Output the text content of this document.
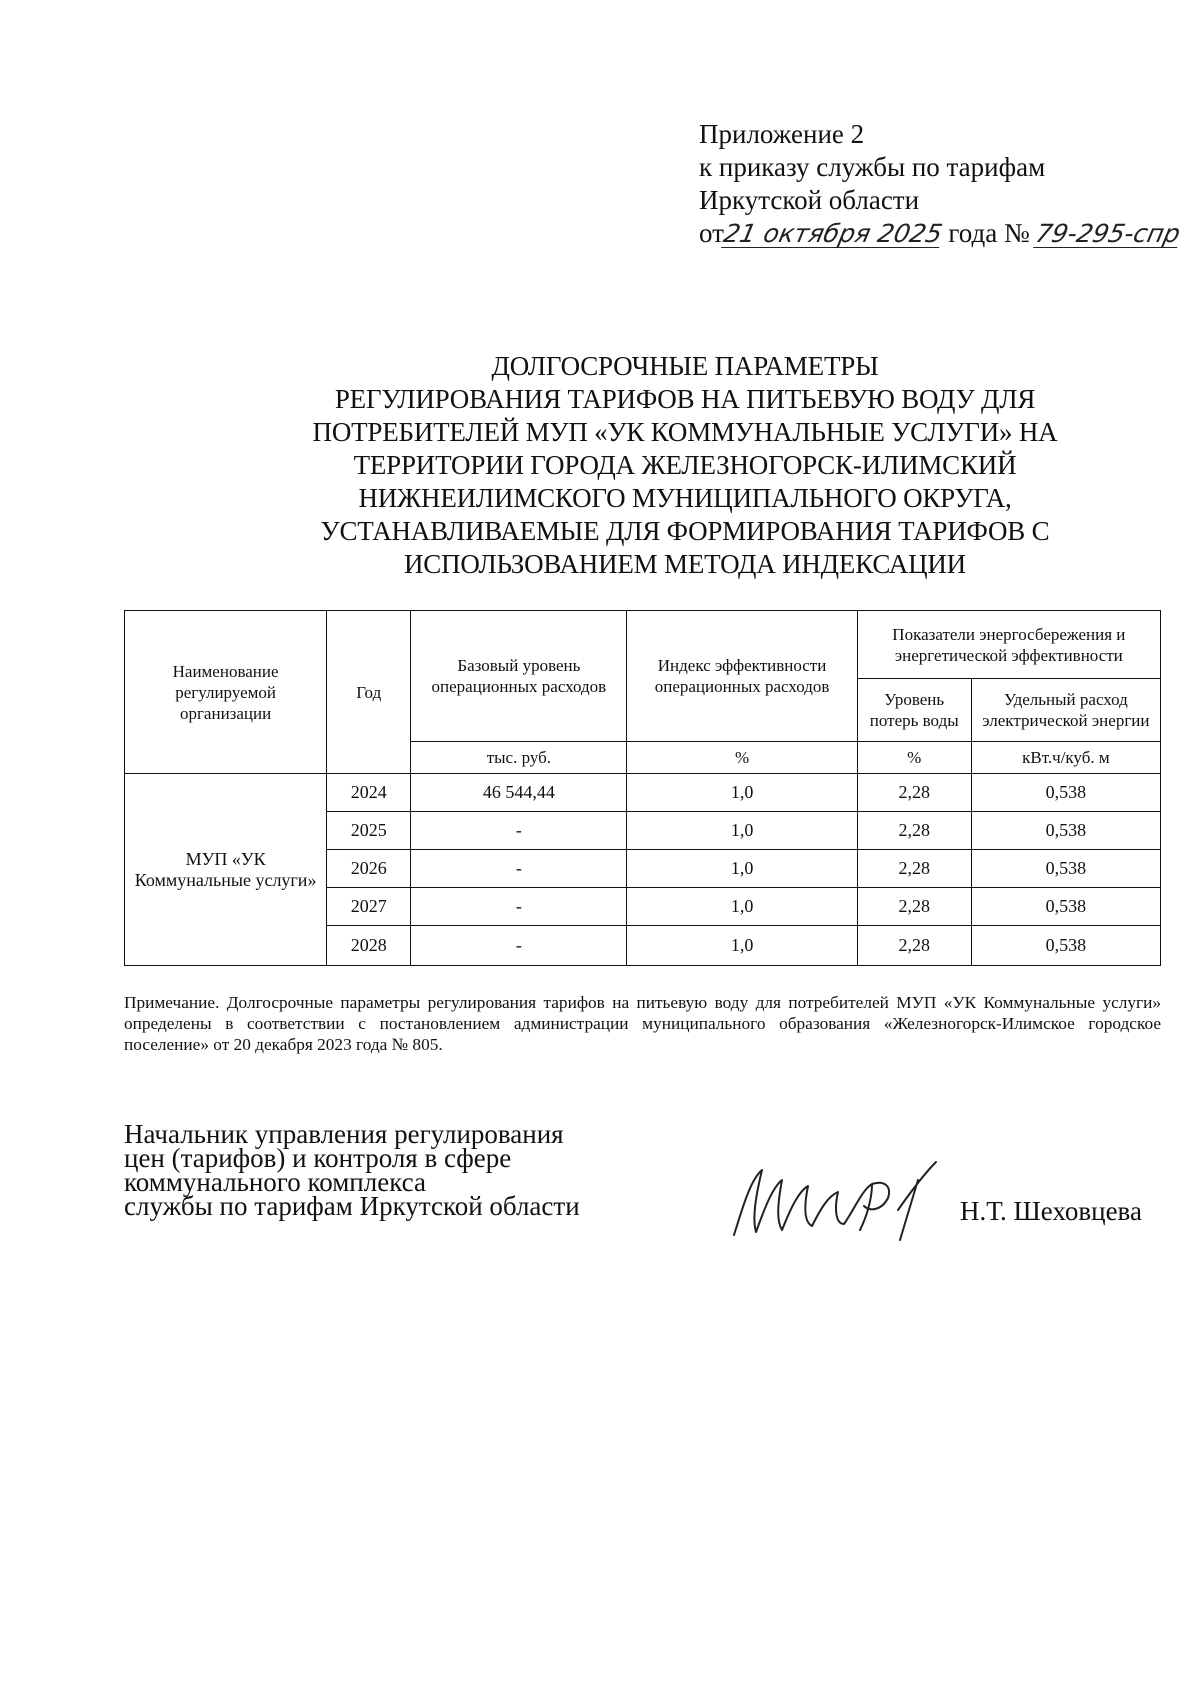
Приложение 2
к приказу службы по тарифам
Иркутской области
от21 октября 2025 года № 79-295-спр
ДОЛГОСРОЧНЫЕ ПАРАМЕТРЫ
РЕГУЛИРОВАНИЯ ТАРИФОВ НА ПИТЬЕВУЮ ВОДУ ДЛЯ
ПОТРЕБИТЕЛЕЙ МУП «УК КОММУНАЛЬНЫЕ УСЛУГИ» НА
ТЕРРИТОРИИ ГОРОДА ЖЕЛЕЗНОГОРСК-ИЛИМСКИЙ
НИЖНЕИЛИМСКОГО МУНИЦИПАЛЬНОГО ОКРУГА,
УСТАНАВЛИВАЕМЫЕ ДЛЯ ФОРМИРОВАНИЯ ТАРИФОВ С
ИСПОЛЬЗОВАНИЕМ МЕТОДА ИНДЕКСАЦИИ
Наименование регулируемой организации	Год	Базовый уровень операционных расходов	Индекс эффективности операционных расходов	Показатели энергосбережения и энергетической эффективности	
				Уровень потерь воды	Удельный расход электрической энергии
		тыс. руб.	%	%	кВт.ч/куб. м
МУП «УК Коммунальные услуги»	2024	46 544,44	1,0	2,28	0,538
	2025	-	1,0	2,28	0,538
	2026	-	1,0	2,28	0,538
	2027	-	1,0	2,28	0,538
	2028	-	1,0	2,28	0,538
Примечание. Долгосрочные параметры регулирования тарифов на питьевую воду для потребителей МУП «УК Коммунальные услуги» определены в соответствии с постановлением администрации муниципального образования «Железногорск-Илимское городское поселение» от 20 декабря 2023 года № 805.
Начальник управления регулирования
цен (тарифов) и контроля в сфере
коммунального комплекса
службы по тарифам Иркутской области	Н.Т. Шеховцева
